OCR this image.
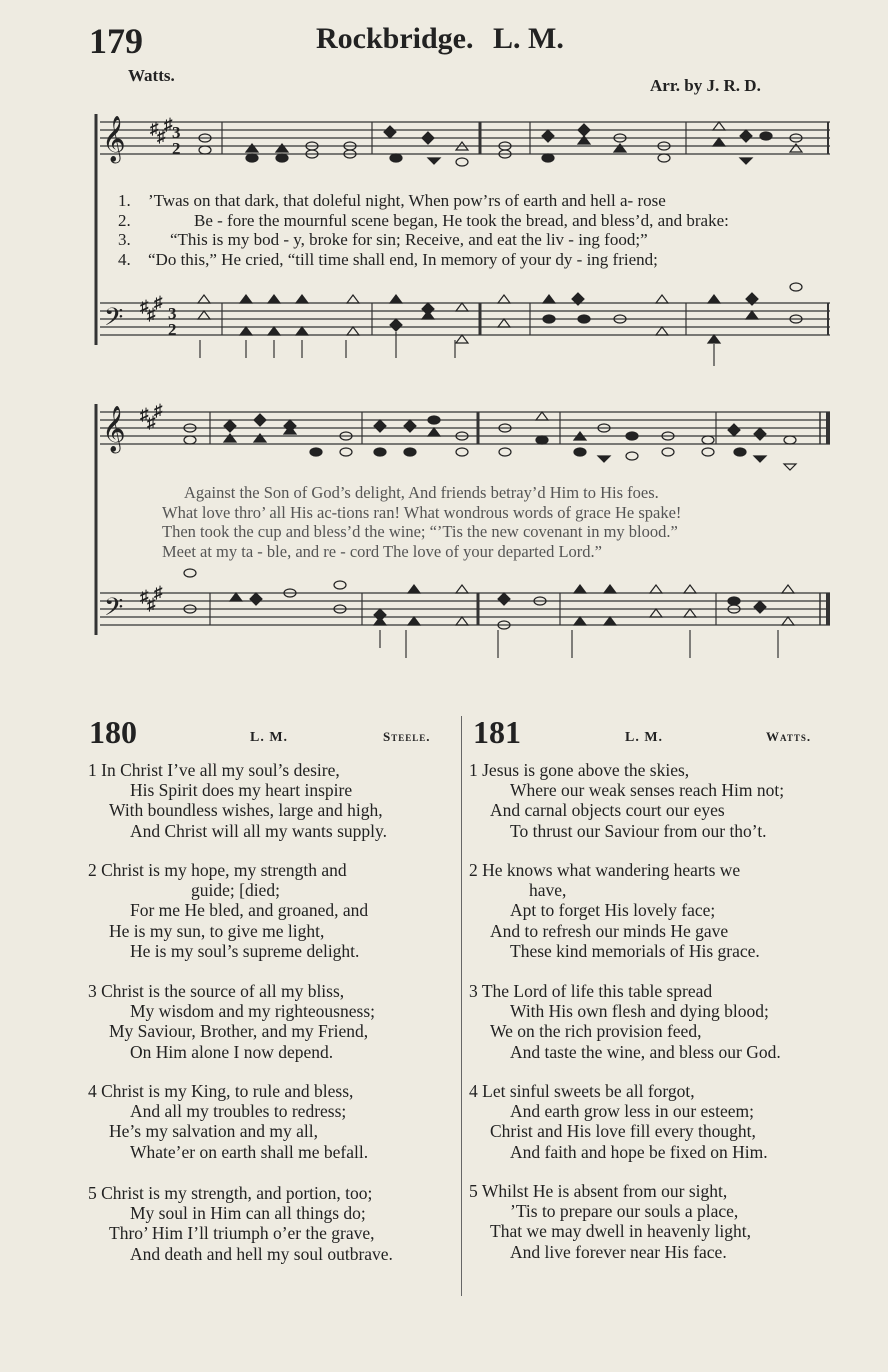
179	Rockbridge. L. M.
Watts.
Arr. by J. R. D.
𝄞
𝄢
♯
♯
♯ 3
2
♯
♯
♯
3
2
1. ’Twas on that dark, that doleful night, When pow’rs of earth and hell a- rose
2.	Be - fore the mournful scene began, He took the bread, and bless’d, and brake:
3. “This is my bod - y, broke for sin; Receive, and eat the liv - ing food;”
4. “Do this,” He cried, “till time shall end, In memory of your dy - ing friend;
𝄞
𝄢
♯
♯
♯
♯
♯
♯
Against the Son of God’s delight, And friends betray’d Him to His foes.
What love thro’ all His ac-tions ran! What wondrous words of grace He spake!
Then took the cup and bless’d the wine; “’Tis the new covenant in my blood.”
Meet at my ta - ble, and re - cord The love of your departed Lord.”
180	L. M.	Steele.
1 In Christ I’ve all my soul’s desire,
His Spirit does my heart inspire
With boundless wishes, large and high,
And Christ will all my wants supply.
2 Christ is my hope, my strength and
guide; [died;
For me He bled, and groaned, and
He is my sun, to give me light,
He is my soul’s supreme delight.
3 Christ is the source of all my bliss,
My wisdom and my righteousness;
My Saviour, Brother, and my Friend,
On Him alone I now depend.
4 Christ is my King, to rule and bless,
And all my troubles to redress;
He’s my salvation and my all,
Whate’er on earth shall me befall.
5 Christ is my strength, and portion, too;
My soul in Him can all things do;
Thro’ Him I’ll triumph o’er the grave,
And death and hell my soul outbrave.
181	L. M.	Watts.
1 Jesus is gone above the skies,
Where our weak senses reach Him not;
And carnal objects court our eyes
To thrust our Saviour from our tho’t.
2 He knows what wandering hearts we
have,
Apt to forget His lovely face;
And to refresh our minds He gave
These kind memorials of His grace.
3 The Lord of life this table spread
With His own flesh and dying blood;
We on the rich provision feed,
And taste the wine, and bless our God.
4 Let sinful sweets be all forgot,
And earth grow less in our esteem;
Christ and His love fill every thought,
And faith and hope be fixed on Him.
5 Whilst He is absent from our sight,
’Tis to prepare our souls a place,
That we may dwell in heavenly light,
And live forever near His face.
